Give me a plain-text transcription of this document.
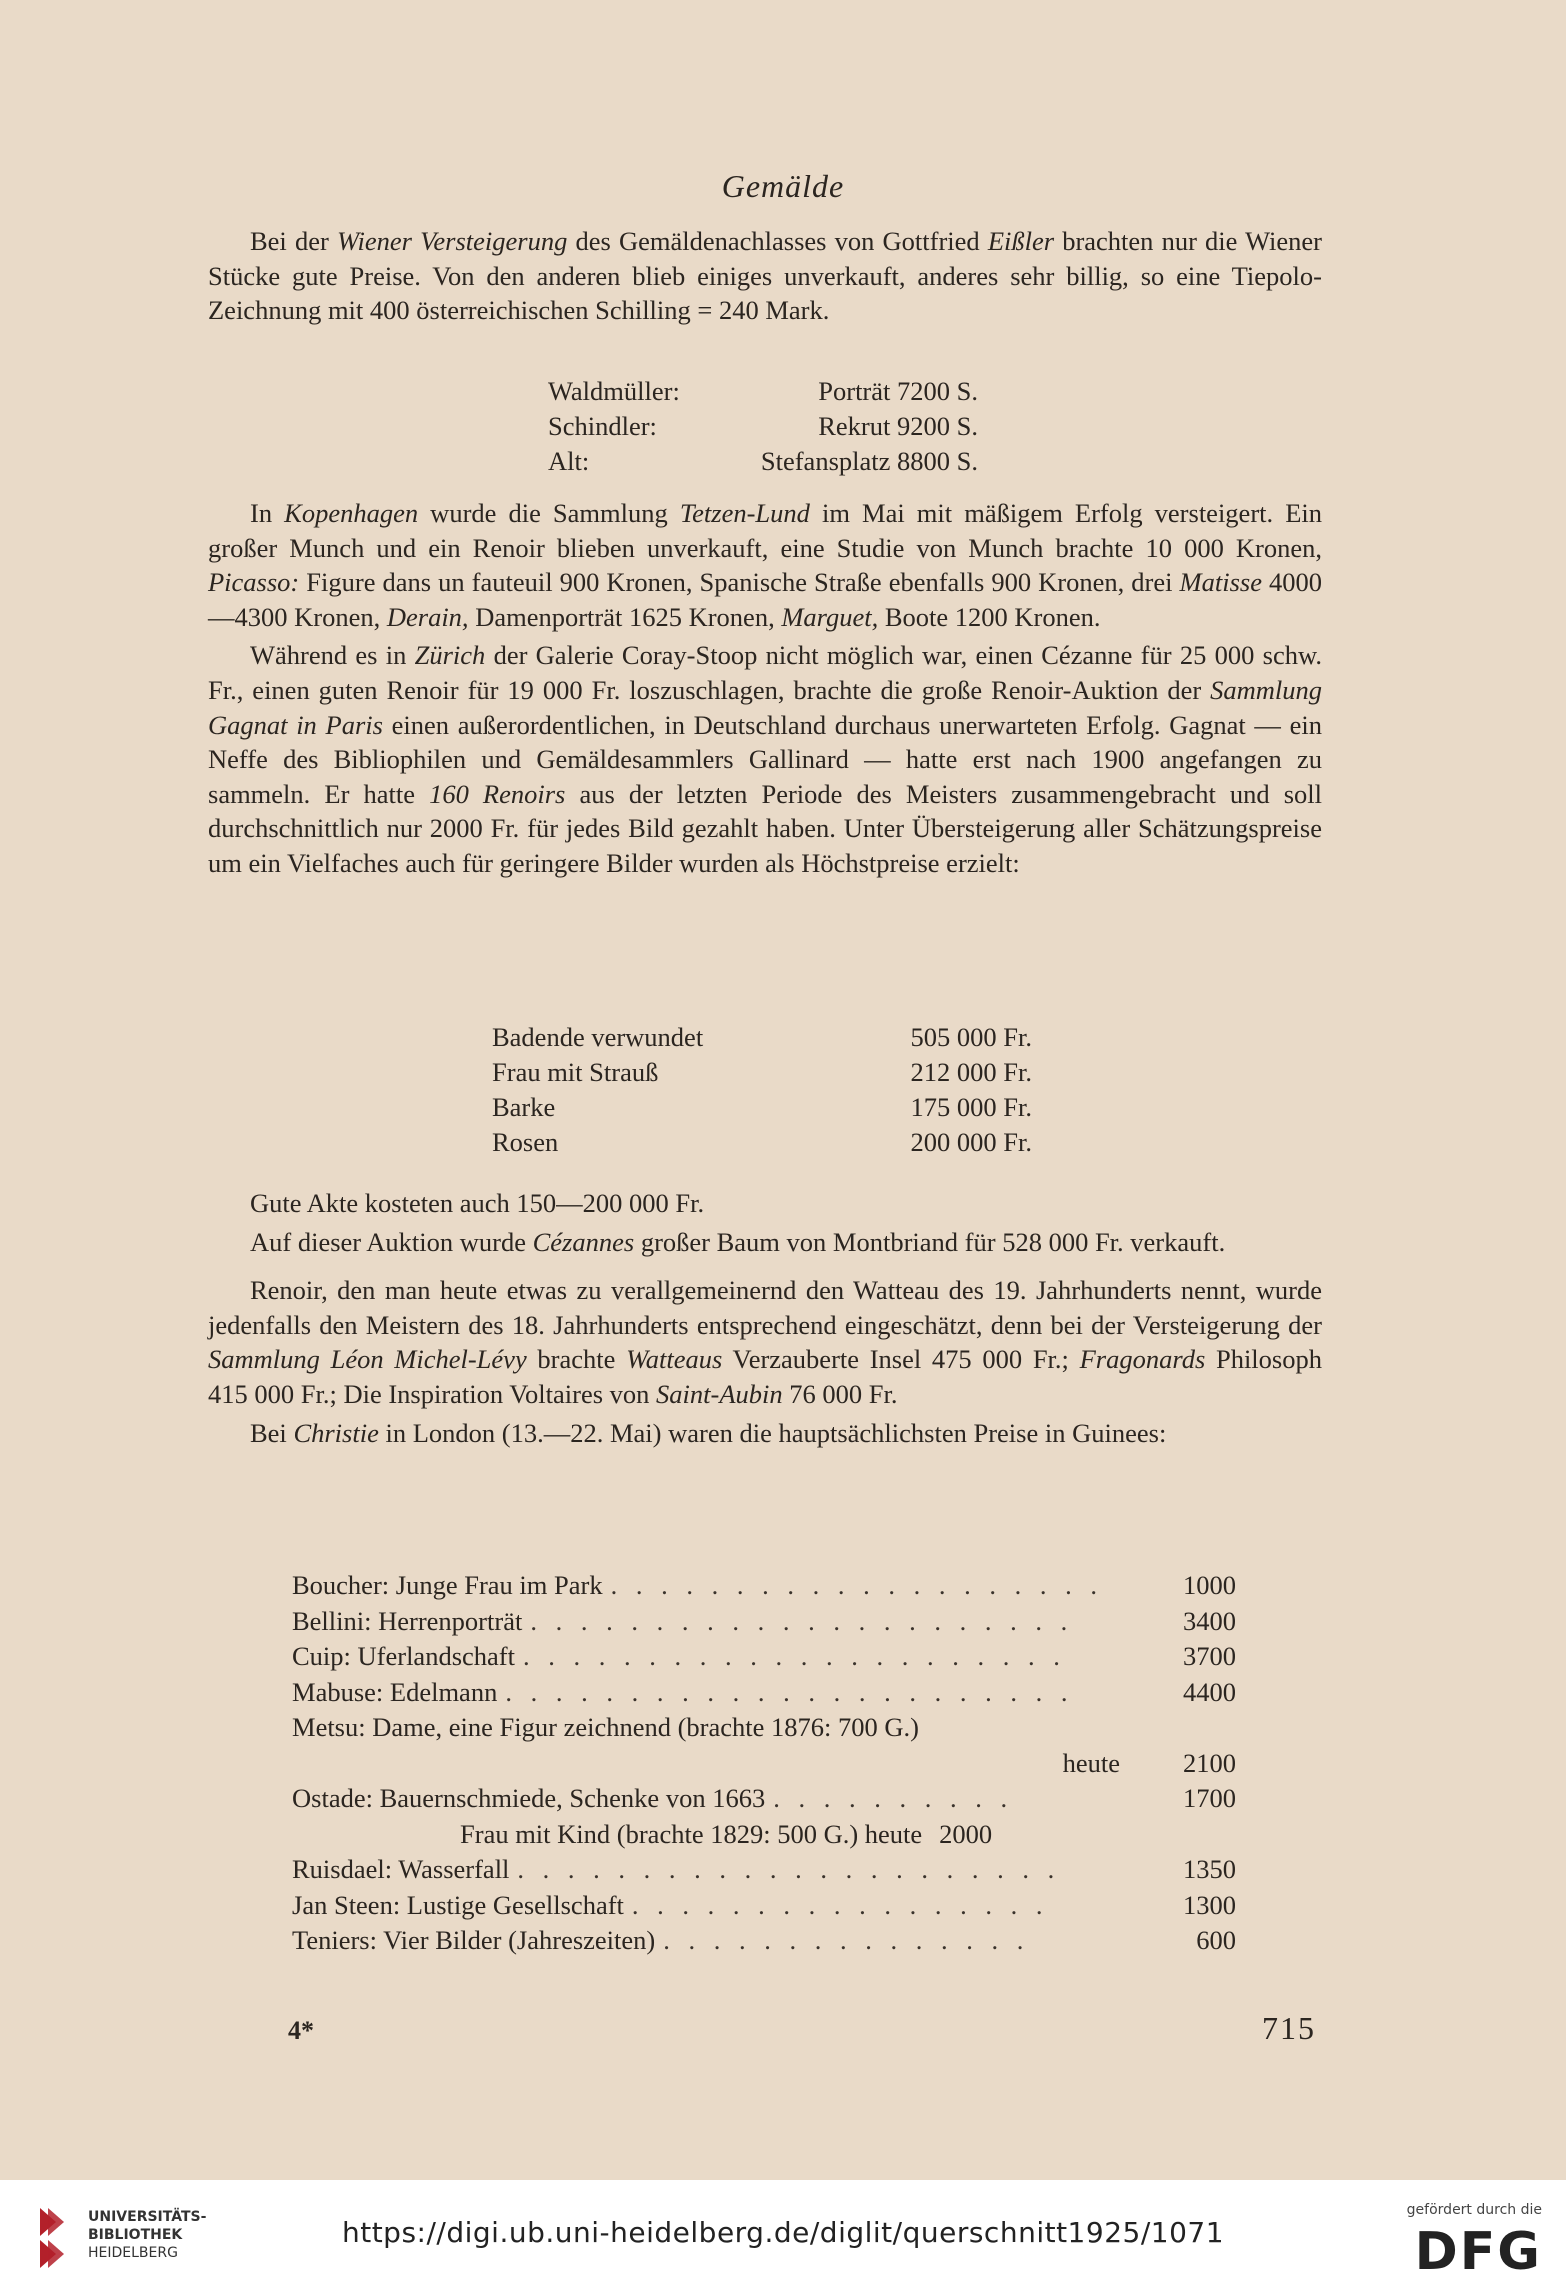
Gemälde

Bei der Wiener Versteigerung des Gemäldenachlasses von Gottfried Eißler brachten nur die Wiener Stücke gute Preise. Von den anderen blieb einiges unverkauft, anderes sehr billig, so eine Tiepolo-Zeichnung mit 400 österreichischen Schilling = 240 Mark.

Waldmüller:	Porträt 7200 S.
Schindler:	Rekrut 9200 S.
Alt:	Stefansplatz 8800 S.

In Kopenhagen wurde die Sammlung Tetzen-Lund im Mai mit mäßigem Erfolg versteigert. Ein großer Munch und ein Renoir blieben unverkauft, eine Studie von Munch brachte 10 000 Kronen, Picasso: Figure dans un fauteuil 900 Kronen, Spanische Straße ebenfalls 900 Kronen, drei Matisse 4000—4300 Kronen, Derain, Damenporträt 1625 Kronen, Marguet, Boote 1200 Kronen.

Während es in Zürich der Galerie Coray-Stoop nicht möglich war, einen Cézanne für 25 000 schw. Fr., einen guten Renoir für 19 000 Fr. loszuschlagen, brachte die große Renoir-Auktion der Sammlung Gagnat in Paris einen außerordentlichen, in Deutschland durchaus unerwarteten Erfolg. Gagnat — ein Neffe des Bibliophilen und Gemäldesammlers Gallinard — hatte erst nach 1900 angefangen zu sammeln. Er hatte 160 Renoirs aus der letzten Periode des Meisters zusammengebracht und soll durchschnittlich nur 2000 Fr. für jedes Bild gezahlt haben. Unter Übersteigerung aller Schätzungspreise um ein Vielfaches auch für geringere Bilder wurden als Höchstpreise erzielt:

Badende verwundet	505 000 Fr.
Frau mit Strauß	212 000 Fr.
Barke	175 000 Fr.
Rosen	200 000 Fr.

Gute Akte kosteten auch 150—200 000 Fr.

Auf dieser Auktion wurde Cézannes großer Baum von Montbriand für 528 000 Fr. verkauft.

Renoir, den man heute etwas zu verallgemeinernd den Watteau des 19. Jahrhunderts nennt, wurde jedenfalls den Meistern des 18. Jahrhunderts entsprechend eingeschätzt, denn bei der Versteigerung der Sammlung Léon Michel-Lévy brachte Watteaus Verzauberte Insel 475 000 Fr.; Fragonards Philosoph 415 000 Fr.; Die Inspiration Voltaires von Saint-Aubin 76 000 Fr.

Bei Christie in London (13.—22. Mai) waren die hauptsächlichsten Preise in Guinees:

Boucher: Junge Frau im Park . . . . . . . . . . . . . . . . . . . .	1000
Bellini: Herrenporträt . . . . . . . . . . . . . . . . . . . . . .	3400
Cuip: Uferlandschaft . . . . . . . . . . . . . . . . . . . . . .	3700
Mabuse: Edelmann . . . . . . . . . . . . . . . . . . . . . . .	4400
Metsu: Dame, eine Figur zeichnend (brachte 1876: 700 G.)
heute	2100
Ostade: Bauernschmiede, Schenke von 1663 . . . . . . . . . .	1700
Frau mit Kind (brachte 1829: 500 G.) heute 2000
Ruisdael: Wasserfall . . . . . . . . . . . . . . . . . . . . . .	1350
Jan Steen: Lustige Gesellschaft . . . . . . . . . . . . . . . . .	1300
Teniers: Vier Bilder (Jahreszeiten) . . . . . . . . . . . . . . .	600
4*	715
UNIVERSITÄTS-
BIBLIOTHEK
HEIDELBERG
https://digi.ub.uni-heidelberg.de/diglit/querschnitt1925/1071
gefördert durch die
DFG
